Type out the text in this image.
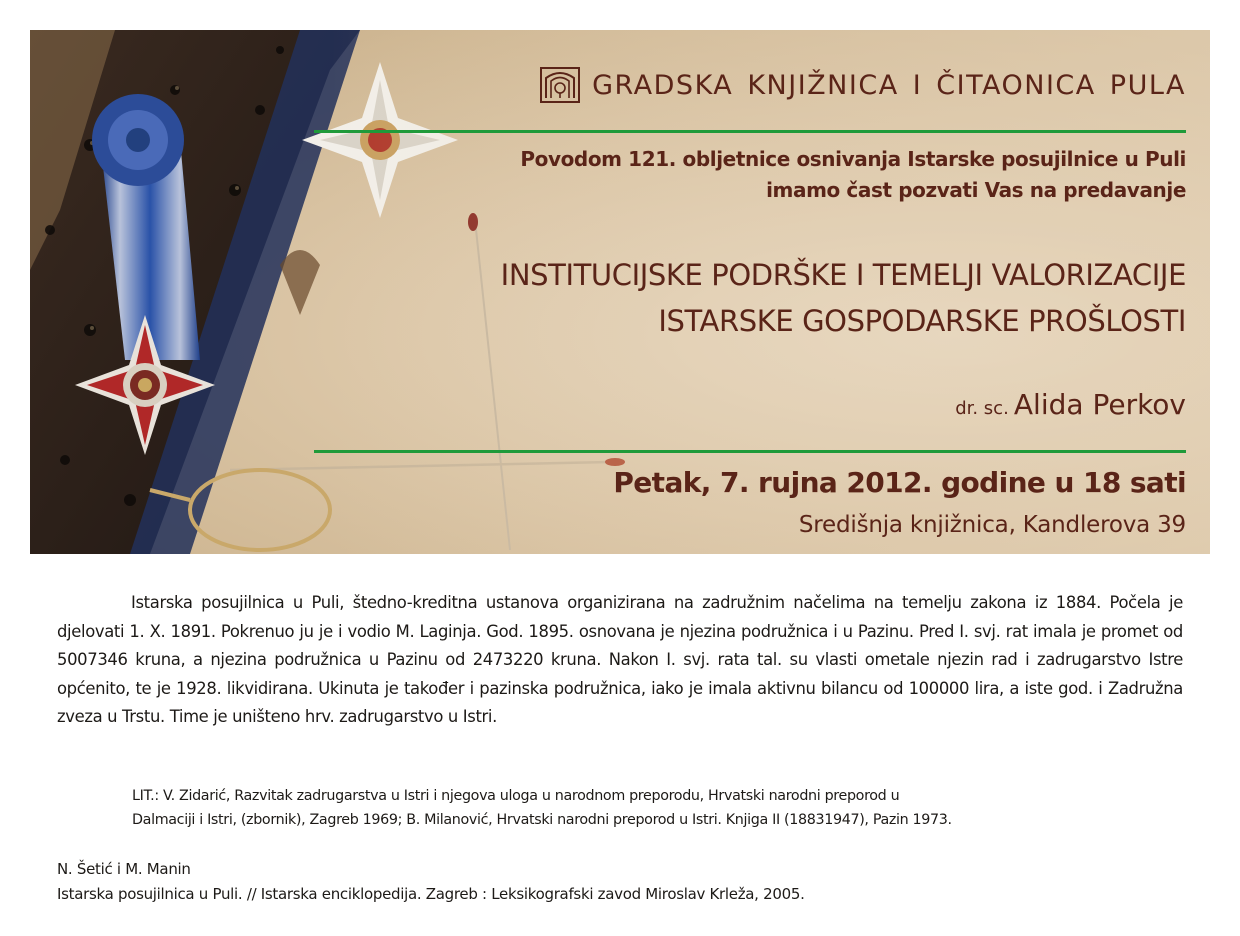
GRADSKA KNJIŽNICA I ČITAONICA PULA
Povodom 121. obljetnice osnivanja Istarske posujilnice u Puli
imamo čast pozvati Vas na predavanje
INSTITUCIJSKE PODRŠKE I TEMELJI VALORIZACIJE
ISTARSKE GOSPODARSKE PROŠLOSTI
dr. sc. Alida Perkov
Petak, 7. rujna 2012. godine u 18 sati
Središnja knjižnica, Kandlerova 39

Istarska posujilnica u Puli, štedno-kreditna ustanova organizirana na zadružnim načelima na temelju zakona iz 1884. Počela je djelovati 1. X. 1891. Pokrenuo ju je i vodio M. Laginja. God. 1895. osnovana je njezina podružnica i u Pazinu. Pred I. svj. rat imala je promet od 5007346 kruna, a njezina podružnica u Pazinu od 2473220 kruna. Nakon I. svj. rata tal. su vlasti ometale njezin rad i zadrugarstvo Istre općenito, te je 1928. likvidirana. Ukinuta je također i pazinska podružnica, iako je imala aktivnu bilancu od 100000 lira, a iste god. i Zadružna zveza u Trstu. Time je uništeno hrv. zadrugarstvo u Istri.

LIT.: V. Zidarić, Razvitak zadrugarstva u Istri i njegova uloga u narodnom preporodu, Hrvatski narodni preporod u
Dalmaciji i Istri, (zbornik), Zagreb 1969; B. Milanović, Hrvatski narodni preporod u Istri. Knjiga II (18831947), Pazin 1973.
N. Šetić i M. Manin
Istarska posujilnica u Puli. // Istarska enciklopedija. Zagreb : Leksikografski zavod Miroslav Krleža, 2005.
